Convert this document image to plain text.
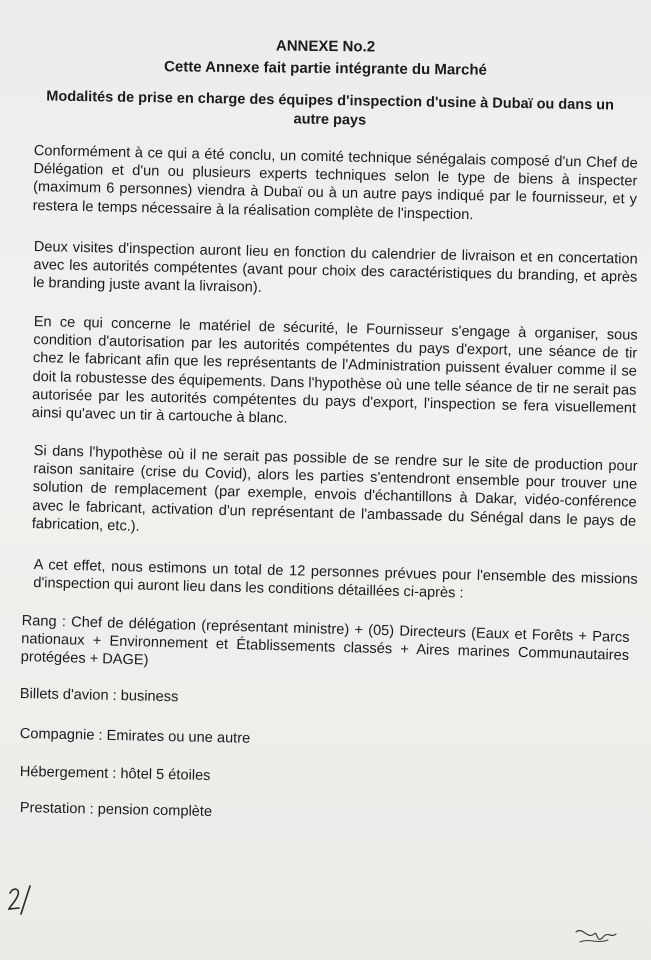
ANNEXE No.2
Cette Annexe fait partie intégrante du Marché
Modalités de prise en charge des équipes d'inspection d'usine à Dubaï ou dans un autre pays
Conformément à ce qui a été conclu, un comité technique sénégalais composé d'un Chef de Délégation et d'un ou plusieurs experts techniques selon le type de biens à inspecter (maximum 6 personnes) viendra à Dubaï ou à un autre pays indiqué par le fournisseur, et y restera le temps nécessaire à la réalisation complète de l'inspection.
Deux visites d'inspection auront lieu en fonction du calendrier de livraison et en concertation avec les autorités compétentes (avant pour choix des caractéristiques du branding, et après le branding juste avant la livraison).
En ce qui concerne le matériel de sécurité, le Fournisseur s'engage à organiser, sous condition d'autorisation par les autorités compétentes du pays d'export, une séance de tir chez le fabricant afin que les représentants de l'Administration puissent évaluer comme il se doit la robustesse des équipements. Dans l'hypothèse où une telle séance de tir ne serait pas autorisée par les autorités compétentes du pays d'export, l'inspection se fera visuellement ainsi qu'avec un tir à cartouche à blanc.
Si dans l'hypothèse où il ne serait pas possible de se rendre sur le site de production pour raison sanitaire (crise du Covid), alors les parties s'entendront ensemble pour trouver une solution de remplacement (par exemple, envois d'échantillons à Dakar, vidéo-conférence avec le fabricant, activation d'un représentant de l'ambassade du Sénégal dans le pays de fabrication, etc.).
A cet effet, nous estimons un total de 12 personnes prévues pour l'ensemble des missions d'inspection qui auront lieu dans les conditions détaillées ci-après :
Rang : Chef de délégation (représentant ministre) + (05) Directeurs (Eaux et Forêts + Parcs nationaux + Environnement et Établissements classés + Aires marines Communautaires protégées + DAGE)
Billets d'avion : business
Compagnie : Emirates ou une autre
Hébergement : hôtel 5 étoiles
Prestation : pension complète
